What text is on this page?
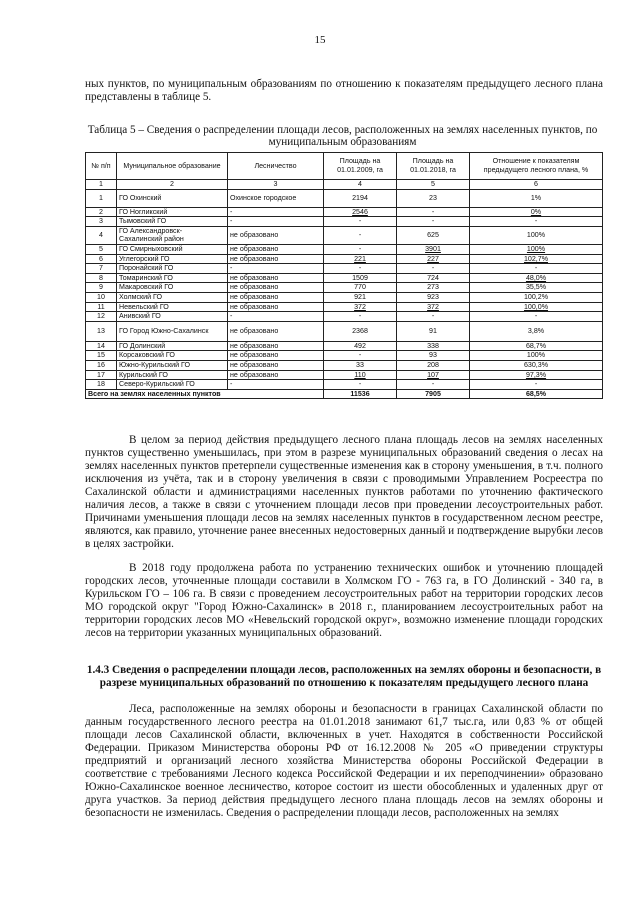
15

ных пунктов, по муниципальным образованиям по отношению к показателям предыдущего лесного плана представлены в таблице 5.

Таблица 5 – Сведения о распределении площади лесов, расположенных на землях населенных пунктов, по муниципальным образованиям

№ п/п	Муниципальное образование	Лесничество	Площадь на 01.01.2009, га	Площадь на 01.01.2018, га	Отношение к показателям предыдущего лесного плана, %
1	2	3	4	5	6
1	ГО Охинский	Охинское городское	2194	23	1%
2	ГО Ногликский	-	2546	-	0%
3	Тымовский ГО	-	-	-	-
4	ГО Александровск-Сахалинский район	не образовано	-	625	100%
5	ГО Смирныховский	не образовано	-	3901	100%
6	Углегорский ГО	не образовано	221	227	102,7%
7	Поронайский ГО	-	-	-	-
8	Томаринский ГО	не образовано	1509	724	48,0%
9	Макаровский ГО	не образовано	770	273	35,5%
10	Холмский ГО	не образовано	921	923	100,2%
11	Невельский ГО	не образовано	372	372	100,0%
12	Анивский ГО	-	-	-	-
13	ГО Город Южно-Сахалинск	не образовано	2368	91	3,8%
14	ГО Долинский	не образовано	492	338	68,7%
15	Корсаковский ГО	не образовано	-	93	100%
16	Южно-Курильский ГО	не образовано	33	208	630,3%
17	Курильский ГО	не образовано	110	107	97,3%
18	Северо-Курильский ГО	-	-	-	-
Всего на землях населенных пунктов			11536	7905	68,5%

В целом за период действия предыдущего лесного плана площадь лесов на землях населенных пунктов существенно уменьшилась, при этом в разрезе муниципальных образований сведения о лесах на землях населенных пунктов претерпели существенные изменения как в сторону уменьшения, в т.ч. полного исключения из учёта, так и в сторону увеличения в связи с проводимыми Управлением Росреестра по Сахалинской области и администрациями населенных пунктов работами по уточнению фактического наличия лесов, а также в связи с уточнением площади лесов при проведении лесоустроительных работ. Причинами уменьшения площади лесов на землях населенных пунктов в государственном лесном реестре, являются, как правило, уточнение ранее внесенных недостоверных данный и подтверждение вырубки лесов в целях застройки.

В 2018 году продолжена работа по устранению технических ошибок и уточнению площадей городских лесов, уточненные площади составили в Холмском ГО - 763 га, в ГО Долинский - 340 га, в Курильском ГО – 106 га. В связи с проведением лесоустроительных работ на территории городских лесов МО городской округ "Город Южно-Сахалинск» в 2018 г., планированием лесоустроительных работ на территории городских лесов МО «Невельский городской округ», возможно изменение площади городских лесов на территории указанных муниципальных образований.

1.4.3 Сведения о распределении площади лесов, расположенных на землях обороны и безопасности, в разрезе муниципальных образований по отношению к показателям предыдущего лесного плана

Леса, расположенные на землях обороны и безопасности в границах Сахалинской области по данным государственного лесного реестра на 01.01.2018 занимают 61,7 тыс.га, или 0,83 % от общей площади лесов Сахалинской области, включенных в учет. Находятся в собственности Российской Федерации. Приказом Министерства обороны РФ от 16.12.2008 № 205 «О приведении структуры предприятий и организаций лесного хозяйства Министерства обороны Российской Федерации в соответствие с требованиями Лесного кодекса Российской Федерации и их переподчинении» образовано Южно-Сахалинское военное лесничество, которое состоит из шести обособленных и удаленных друг от друга участков. За период действия предыдущего лесного плана площадь лесов на землях обороны и безопасности не изменилась. Сведения о распределении площади лесов, расположенных на землях
